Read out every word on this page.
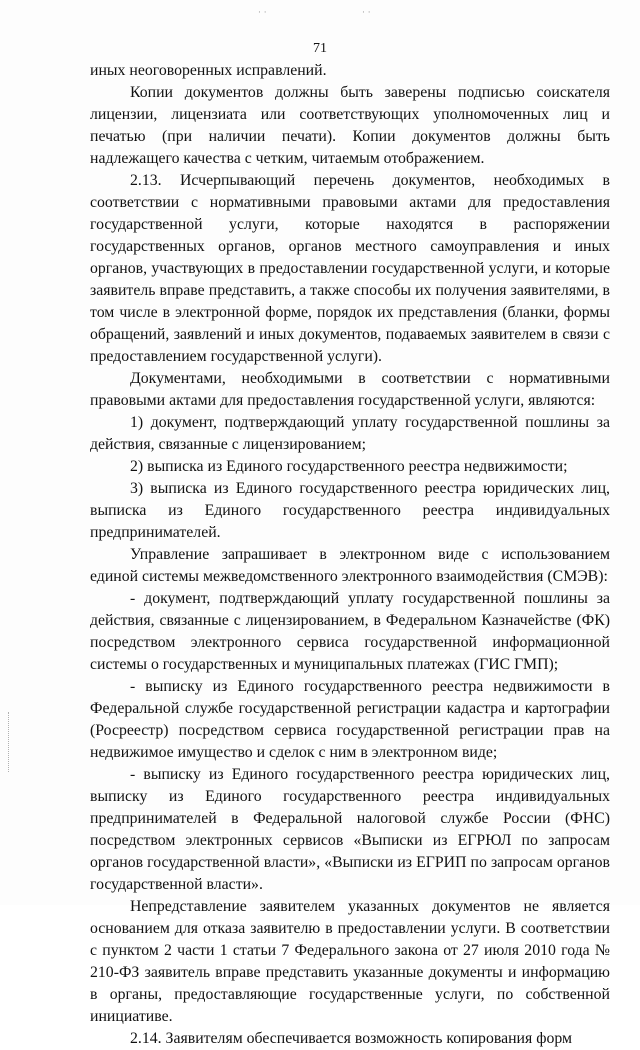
· ·	· ·
71

иных неоговоренных исправлений.

Копии документов должны быть заверены подписью соискателя лицензии, лицензиата или соответствующих уполномоченных лиц и печатью (при наличии печати). Копии документов должны быть надлежащего качества с четким, читаемым отображением.

2.13. Исчерпывающий перечень документов, необходимых в соответствии с нормативными правовыми актами для предоставления государственной услуги, которые находятся в распоряжении государственных органов, органов местного самоуправления и иных органов, участвующих в предоставлении государственной услуги, и которые заявитель вправе представить, а также способы их получения заявителями, в том числе в электронной форме, порядок их представления (бланки, формы обращений, заявлений и иных документов, подаваемых заявителем в связи с предоставлением государственной услуги).

Документами, необходимыми в соответствии с нормативными правовыми актами для предоставления государственной услуги, являются:

1) документ, подтверждающий уплату государственной пошлины за действия, связанные с лицензированием;

2) выписка из Единого государственного реестра недвижимости;

3) выписка из Единого государственного реестра юридических лиц, выписка из Единого государственного реестра индивидуальных предпринимателей.

Управление запрашивает в электронном виде с использованием единой системы межведомственного электронного взаимодействия (СМЭВ):

- документ, подтверждающий уплату государственной пошлины за действия, связанные с лицензированием, в Федеральном Казначействе (ФК) посредством электронного сервиса государственной информационной системы о государственных и муниципальных платежах (ГИС ГМП);

- выписку из Единого государственного реестра недвижимости в Федеральной службе государственной регистрации кадастра и картографии (Росреестр) посредством сервиса государственной регистрации прав на недвижимое имущество и сделок с ним в электронном виде;

- выписку из Единого государственного реестра юридических лиц, выписку из Единого государственного реестра индивидуальных предпринимателей в Федеральной налоговой службе России (ФНС) посредством электронных сервисов «Выписки из ЕГРЮЛ по запросам органов государственной власти», «Выписки из ЕГРИП по запросам органов государственной власти».

Непредставление заявителем указанных документов не является основанием для отказа заявителю в предоставлении услуги. В соответствии с пунктом 2 части 1 статьи 7 Федерального закона от 27 июля 2010 года № 210-ФЗ заявитель вправе представить указанные документы и информацию в органы, предоставляющие государственные услуги, по собственной инициативе.

2.14. Заявителям обеспечивается возможность копирования форм
